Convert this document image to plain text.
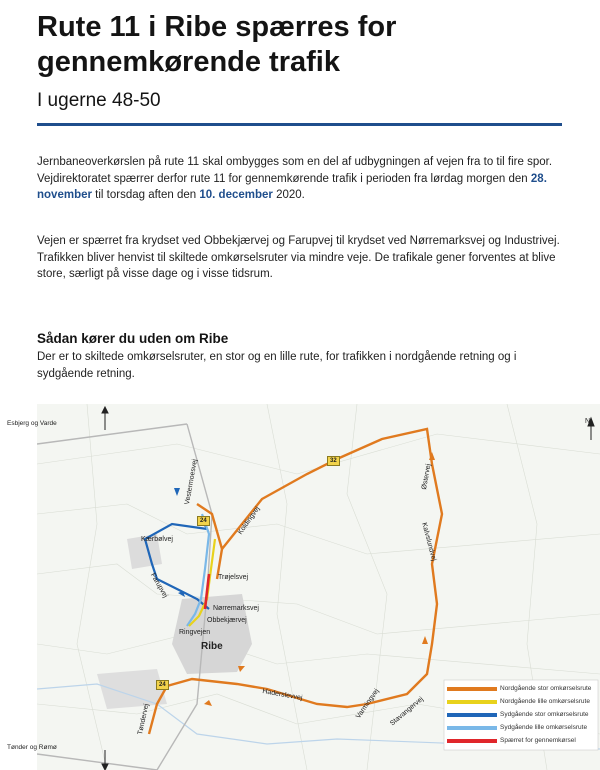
Rute 11 i Ribe spærres for gennemkørende trafik

I ugerne 48-50

Jernbaneoverkørslen på rute 11 skal ombygges som en del af udbygningen af vejen fra to til fire spor. Vejdirektoratet spærrer derfor rute 11 for gennemkørende trafik i perioden fra lørdag morgen den 28. november til torsdag aften den 10. december 2020.

Vejen er spærret fra krydset ved Obbekjærvej og Farupvej til krydset ved Nørremarksvej og Industrivej. Trafikken bliver henvist til skiltede omkørselsruter via mindre veje. De trafikale gener forventes at blive store, særligt på visse dage og i visse tidsrum.

Sådan kører du uden om Ribe

Der er to skiltede omkørselsruter, en stor og en lille rute, for trafikken i nordgående retning og i sydgående retning.

N
Esbjerg og Varde
Tønder og Rømø
Ribe
Vestermoesvej
Koldingvej
Kærbølvej
Farupvej	Trøjelsvej
Nørremarksvej
Obbekjærvej
Ringvejen
Østervej
Kalvslundvej
Haderslevvej	Varmingvej Stavangervej
Tøndervej
24
24
32
Nordgående stor omkørselsrute
Nordgående lille omkørselsrute
Sydgående stor omkørselsrute
Sydgående lille omkørselsrute
Spærret for gennemkørsel
